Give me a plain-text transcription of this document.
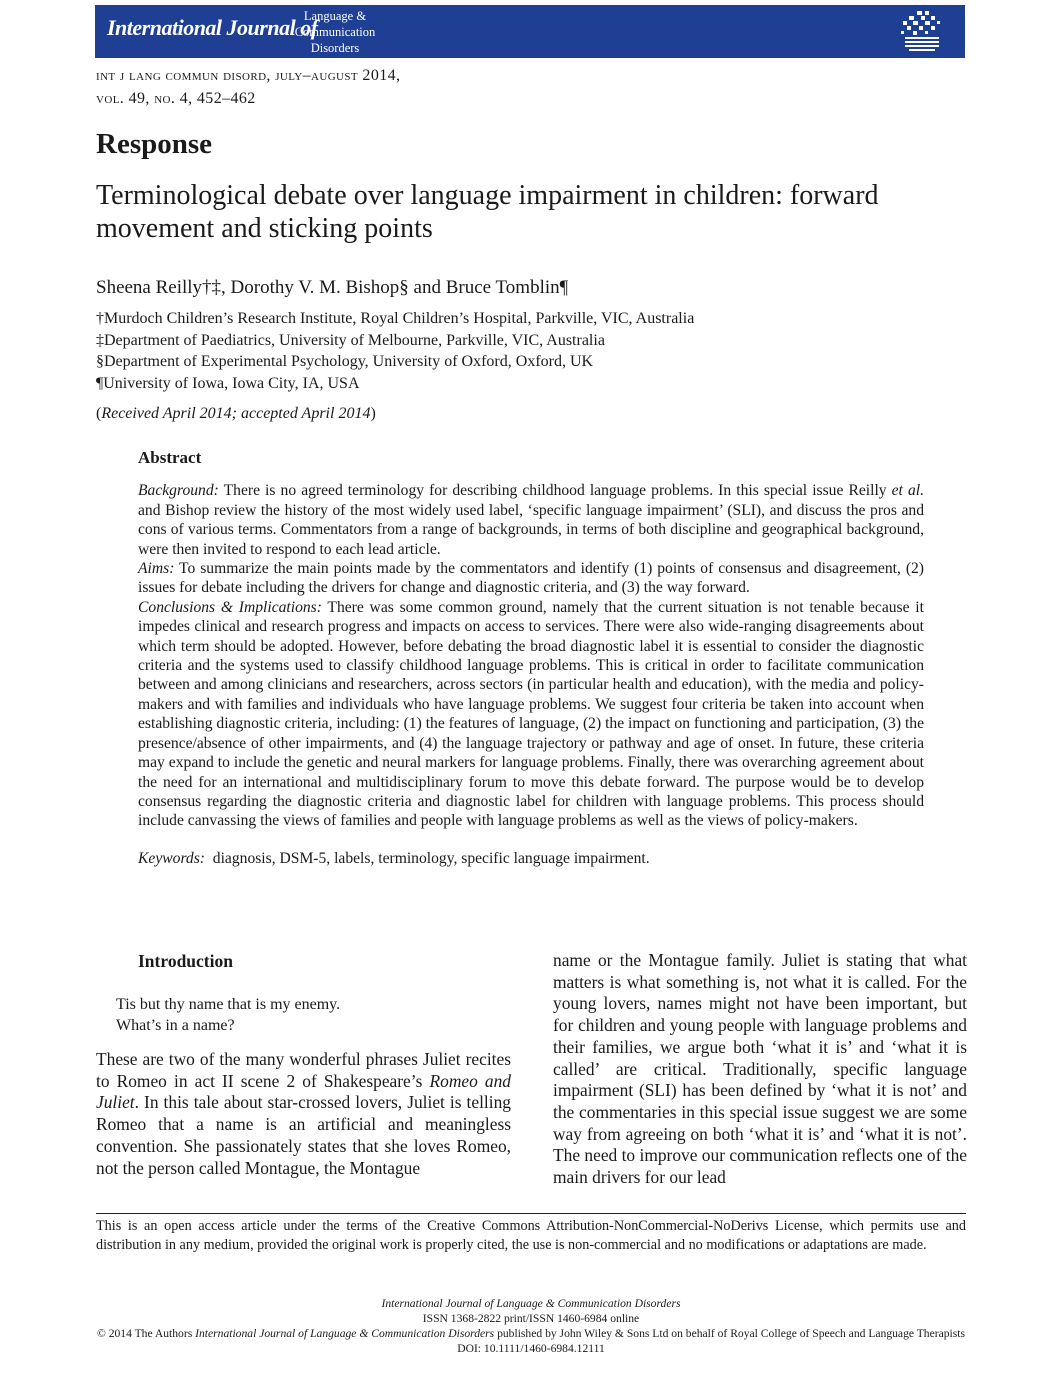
International Journal of
Language &
Communication
Disorders
int j lang commun disord, july–august 2014,
vol. 49, no. 4, 452–462
Response
Terminological debate over language impairment in children: forward movement and sticking points
Sheena Reilly†‡, Dorothy V. M. Bishop§ and Bruce Tomblin¶
†Murdoch Children’s Research Institute, Royal Children’s Hospital, Parkville, VIC, Australia
‡Department of Paediatrics, University of Melbourne, Parkville, VIC, Australia
§Department of Experimental Psychology, University of Oxford, Oxford, UK
¶University of Iowa, Iowa City, IA, USA
(Received April 2014; accepted April 2014)
Abstract

Background: There is no agreed terminology for describing childhood language problems. In this special issue Reilly et al. and Bishop review the history of the most widely used label, ‘specific language impairment’ (SLI), and discuss the pros and cons of various terms. Commentators from a range of backgrounds, in terms of both discipline and geographical background, were then invited to respond to each lead article.

Aims: To summarize the main points made by the commentators and identify (1) points of consensus and disagreement, (2) issues for debate including the drivers for change and diagnostic criteria, and (3) the way forward.

Conclusions & Implications: There was some common ground, namely that the current situation is not tenable because it impedes clinical and research progress and impacts on access to services. There were also wide-ranging disagreements about which term should be adopted. However, before debating the broad diagnostic label it is essential to consider the diagnostic criteria and the systems used to classify childhood language problems. This is critical in order to facilitate communication between and among clinicians and researchers, across sectors (in particular health and education), with the media and policy-makers and with families and individuals who have language problems. We suggest four criteria be taken into account when establishing diagnostic criteria, including: (1) the features of language, (2) the impact on functioning and participation, (3) the presence/absence of other impairments, and (4) the language trajectory or pathway and age of onset. In future, these criteria may expand to include the genetic and neural markers for language problems. Finally, there was overarching agreement about the need for an international and multidisciplinary forum to move this debate forward. The purpose would be to develop consensus regarding the diagnostic criteria and diagnostic label for children with language problems. This process should include canvassing the views of families and people with language problems as well as the views of policy-makers.

Keywords: diagnosis, DSM-5, labels, terminology, specific language impairment.

Introduction
Tis but thy name that is my enemy.
What’s in a name?

These are two of the many wonderful phrases Juliet recites to Romeo in act II scene 2 of Shakespeare’s Romeo and Juliet. In this tale about star-crossed lovers, Juliet is telling Romeo that a name is an artificial and meaningless convention. She passionately states that she loves Romeo, not the person called Montague, the Montague

name or the Montague family. Juliet is stating that what matters is what something is, not what it is called. For the young lovers, names might not have been important, but for children and young people with language problems and their families, we argue both ‘what it is’ and ‘what it is called’ are critical. Traditionally, specific language impairment (SLI) has been defined by ‘what it is not’ and the commentaries in this special issue suggest we are some way from agreeing on both ‘what it is’ and ‘what it is not’. The need to improve our communication reflects one of the main drivers for our lead

This is an open access article under the terms of the Creative Commons Attribution-NonCommercial-NoDerivs License, which permits use and distribution in any medium, provided the original work is properly cited, the use is non-commercial and no modifications or adaptations are made.
International Journal of Language & Communication Disorders
ISSN 1368-2822 print/ISSN 1460-6984 online
© 2014 The Authors International Journal of Language & Communication Disorders published by John Wiley & Sons Ltd on behalf of Royal College of Speech and Language Therapists
DOI: 10.1111/1460-6984.12111
